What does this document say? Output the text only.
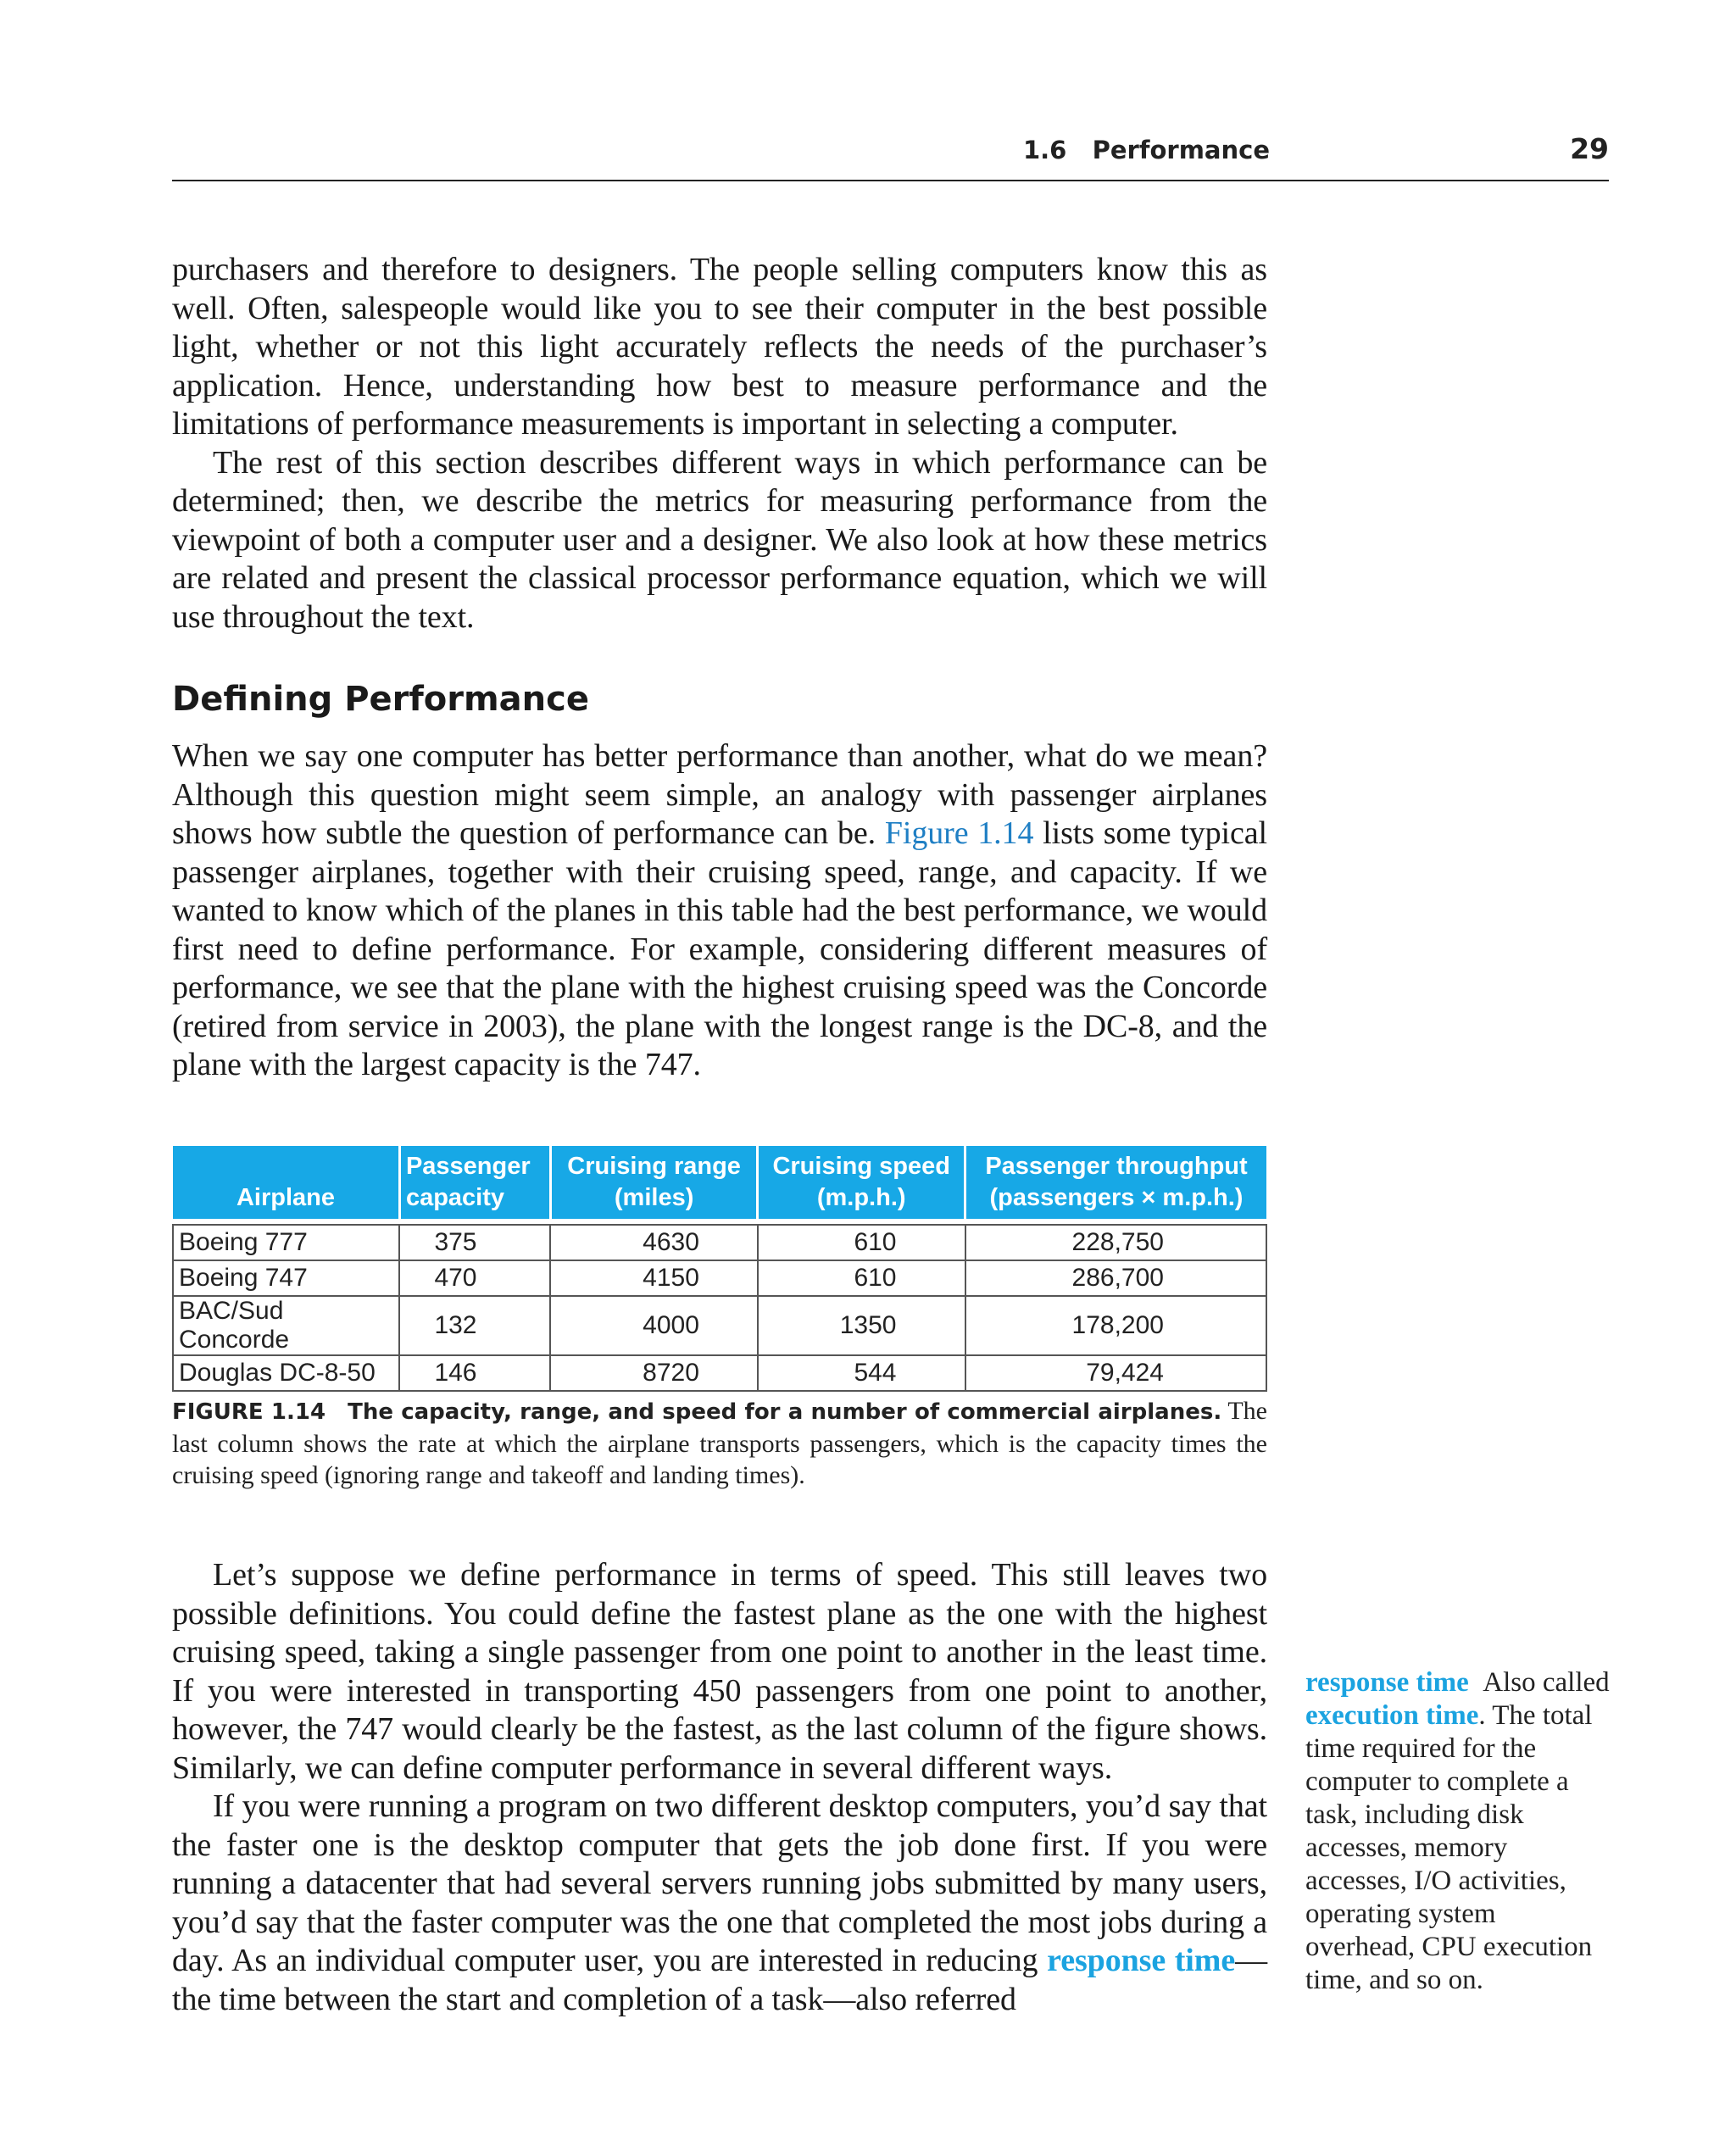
1.6   Performance	29

purchasers and therefore to designers. The people selling computers know this as well. Often, salespeople would like you to see their computer in the best possible light, whether or not this light accurately reflects the needs of the purchaser’s application. Hence, understanding how best to measure performance and the limitations of performance measurements is important in selecting a computer.

The rest of this section describes different ways in which performance can be determined; then, we describe the metrics for measuring performance from the viewpoint of both a computer user and a designer. We also look at how these metrics are related and present the classical processor performance equation, which we will use throughout the text.

Defining Performance

When we say one computer has better performance than another, what do we mean? Although this question might seem simple, an analogy with passenger airplanes shows how subtle the question of performance can be. Figure 1.14 lists some typical passenger airplanes, together with their cruising speed, range, and capacity. If we wanted to know which of the planes in this table had the best performance, we would first need to define performance. For example, considering different measures of performance, we see that the plane with the highest cruising speed was the Concorde (retired from service in 2003), the plane with the longest range is the DC-8, and the plane with the largest capacity is the 747.

Airplane	Passenger capacity	Cruising range (miles)	Cruising speed (m.p.h.)	Passenger throughput (passengers × m.p.h.)

Boeing 777	375	4630	610	228,750
Boeing 747	470	4150	610	286,700
BAC/Sud Concorde	132	4000	1350	178,200
Douglas DC-8-50	146	8720	544	79,424

FIGURE 1.14 The capacity, range, and speed for a number of commercial airplanes. The last column shows the rate at which the airplane transports passengers, which is the capacity times the cruising speed (ignoring range and takeoff and landing times).

Let’s suppose we define performance in terms of speed. This still leaves two possible definitions. You could define the fastest plane as the one with the highest cruising speed, taking a single passenger from one point to another in the least time. If you were interested in transporting 450 passengers from one point to another, however, the 747 would clearly be the fastest, as the last column of the figure shows. Similarly, we can define computer performance in several different ways.

If you were running a program on two different desktop computers, you’d say that the faster one is the desktop computer that gets the job done first. If you were running a datacenter that had several servers running jobs submitted by many users, you’d say that the faster computer was the one that completed the most jobs during a day. As an individual computer user, you are interested in reducing response time—the time between the start and completion of a task—also referred

response time Also called execution time. The total time required for the computer to complete a task, including disk accesses, memory accesses, I/O activities, operating system overhead, CPU execution time, and so on.
